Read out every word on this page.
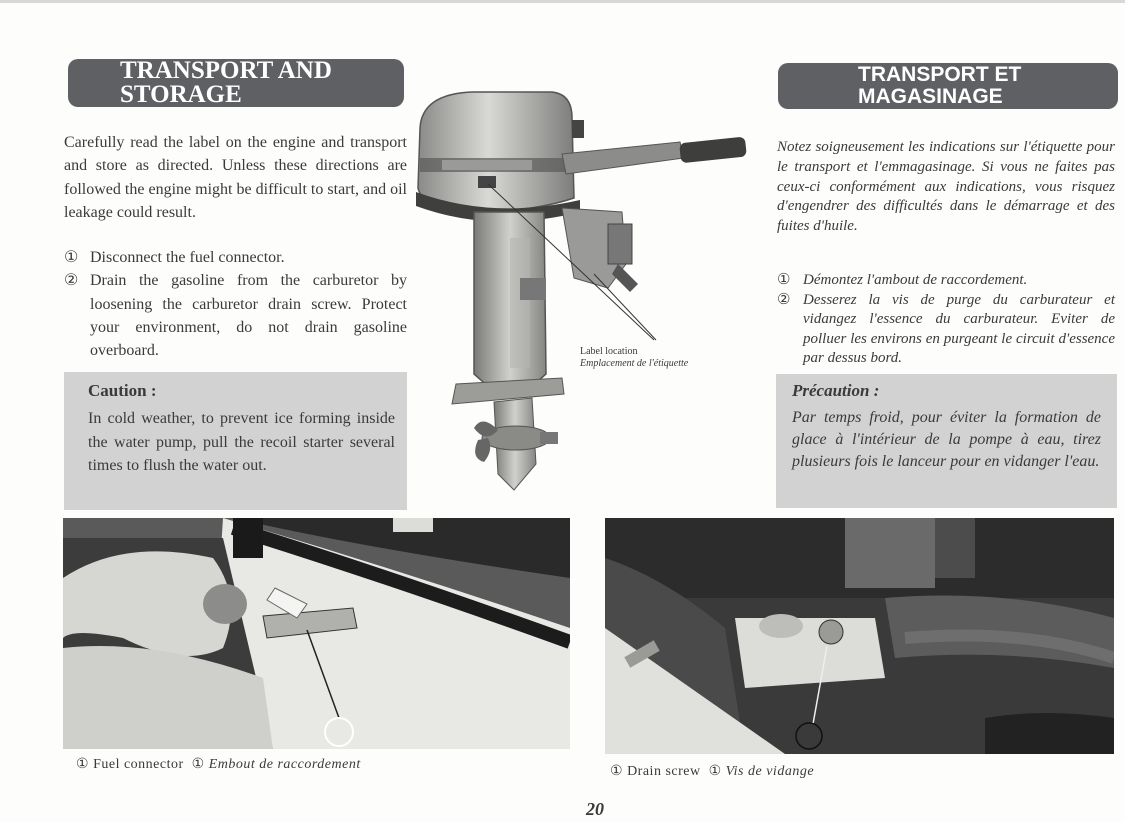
TRANSPORT AND
STORAGE
TRANSPORT ET
MAGASINAGE
Carefully read the label on the engine and transport and store as directed. Unless these directions are followed the engine might be difficult to start, and oil leakage could result.
① Disconnect the fuel connector.
② Drain the gasoline from the carburetor by loosening the carburetor drain screw. Protect your environment, do not drain gasoline overboard.
Caution :
In cold weather, to prevent ice forming inside the water pump, pull the recoil starter several times to flush the water out.
Notez soigneusement les indications sur l'étiquette pour le transport et l'emmagasinage. Si vous ne faites pas ceux-ci conformément aux indications, vous risquez d'engendrer des difficultés dans le démarrage et des fuites d'huile.
① Démontez l'ambout de raccordement.
② Desserez la vis de purge du carburateur et vidangez l'essence du carburateur. Eviter de polluer les environs en purgeant le circuit d'essence par dessus bord.
Précaution :
Par temps froid, pour éviter la formation de glace à l'intérieur de la pompe à eau, tirez plusieurs fois le lanceur pour en vidanger l'eau.
Label location
Emplacement de l'étiquette
① Fuel connector ① Embout de raccordement	① Drain screw ① Vis de vidange
20
